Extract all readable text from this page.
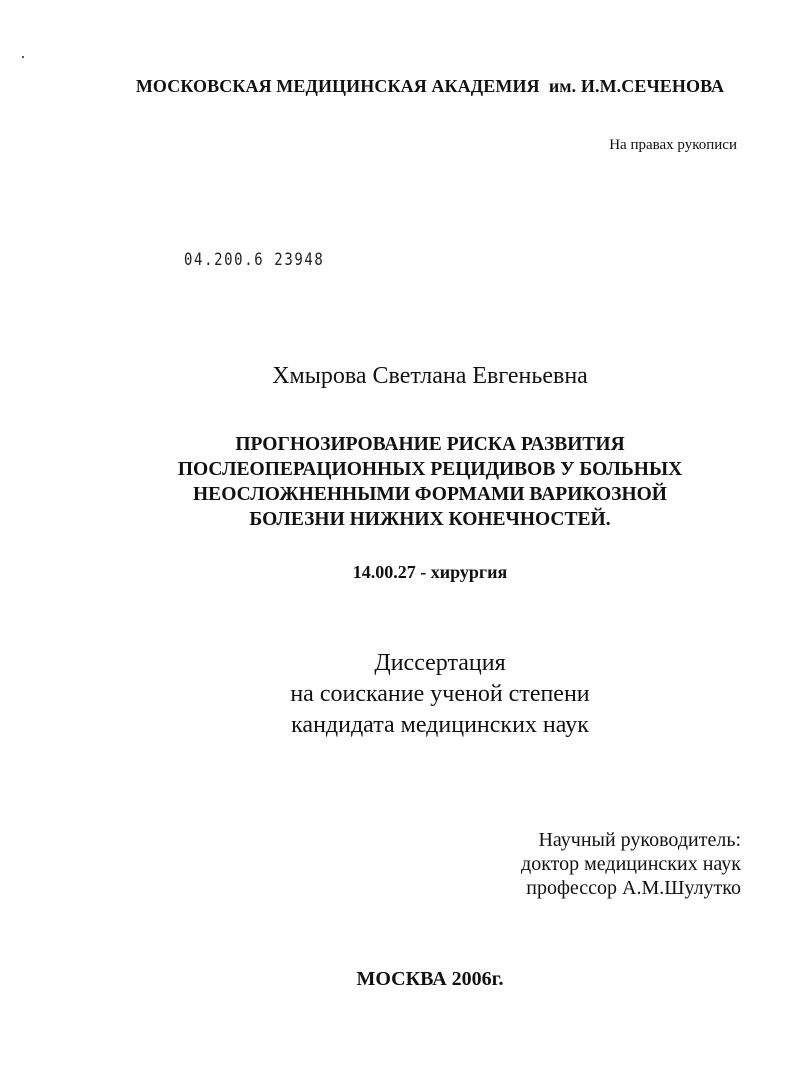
МОСКОВСКАЯ МЕДИЦИНСКАЯ АКАДЕМИЯ  им. И.М.СЕЧЕНОВА
На правах рукописи
04.200.6 23948
Хмырова Светлана Евгеньевна
ПРОГНОЗИРОВАНИЕ РИСКА РАЗВИТИЯ
ПОСЛЕОПЕРАЦИОННЫХ РЕЦИДИВОВ У БОЛЬНЫХ
НЕОСЛОЖНЕННЫМИ ФОРМАМИ ВАРИКОЗНОЙ
БОЛЕЗНИ НИЖНИХ КОНЕЧНОСТЕЙ.
14.00.27 - хирургия
Диссертация
на соискание ученой степени
кандидата медицинских наук
Научный руководитель:
доктор медицинских наук
профессор А.М.Шулутко
МОСКВА 2006г.
